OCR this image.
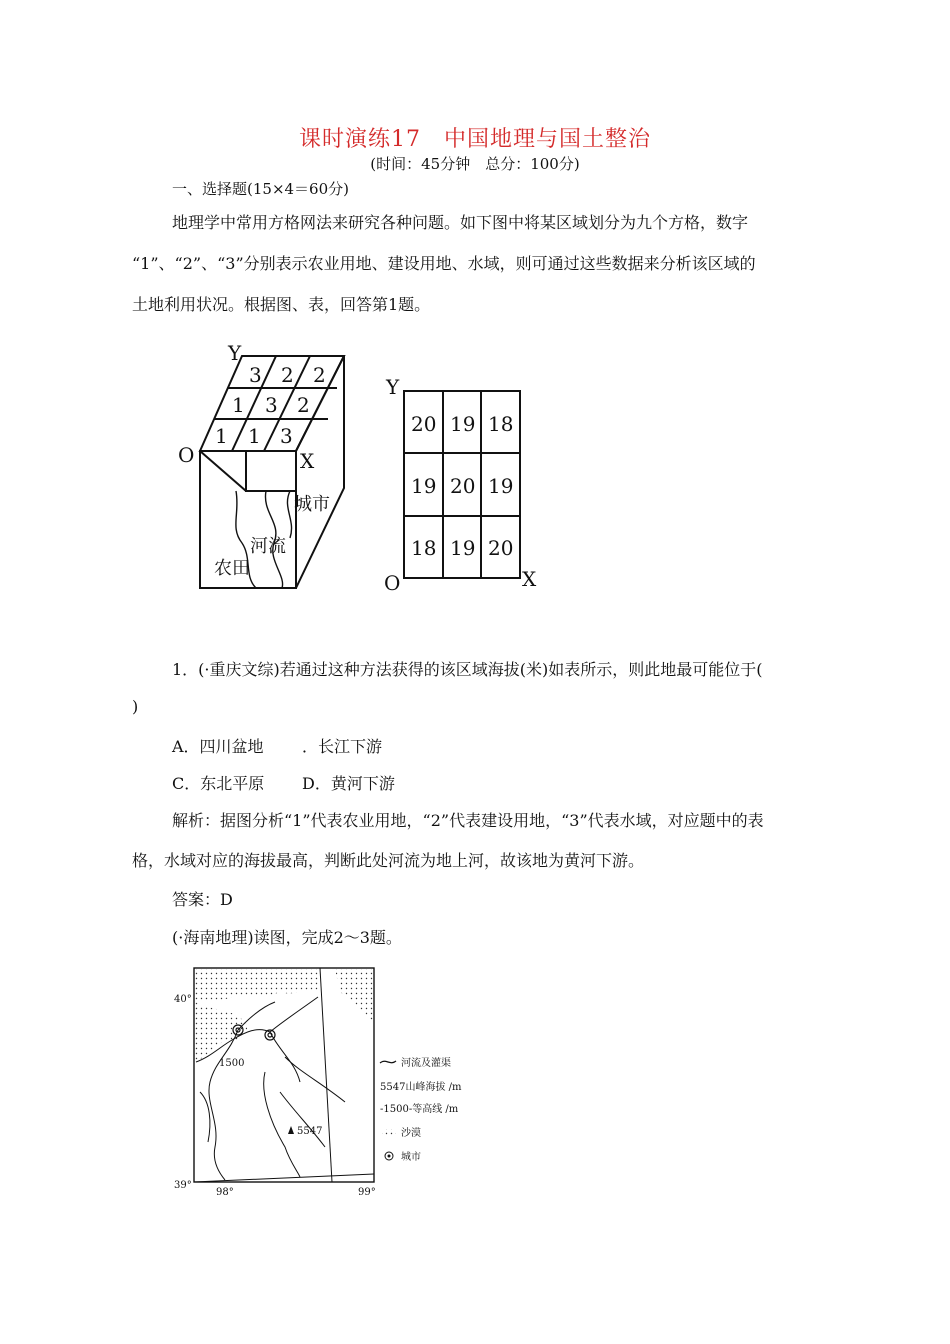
课时演练17　中国地理与国土整治
(时间：45分钟　总分：100分)
一、选择题(15×4＝60分)
地理学中常用方格网法来研究各种问题。如下图中将某区域划分为九个方格，数字
“1”、“2”、“3”分别表示农业用地、建设用地、水域，则可通过这些数据来分析该区域的
土地利用状况。根据图、表，回答第1题。
Y
X
O
3 2 2
1 3 2
1 1 3
城市
河流
农田
Y
X
O
20 19 18
19 20 19
18 19 20
1．(·重庆文综)若通过这种方法获得的该区域海拔(米)如表所示，则此地最可能位于(
)
A．四川盆地 ．长江下游
C．东北平原 D．黄河下游
解析：据图分析“1”代表农业用地，“2”代表建设用地，“3”代表水域，对应题中的表
格，水域对应的海拔最高，判断此处河流为地上河，故该地为黄河下游。
答案：D
(·海南地理)读图，完成2～3题。
5547
1500
40°
39°
98°	99°
河流及灌渠
5547山峰海拔 /m
-1500-等高线 /m
沙漠
城市
